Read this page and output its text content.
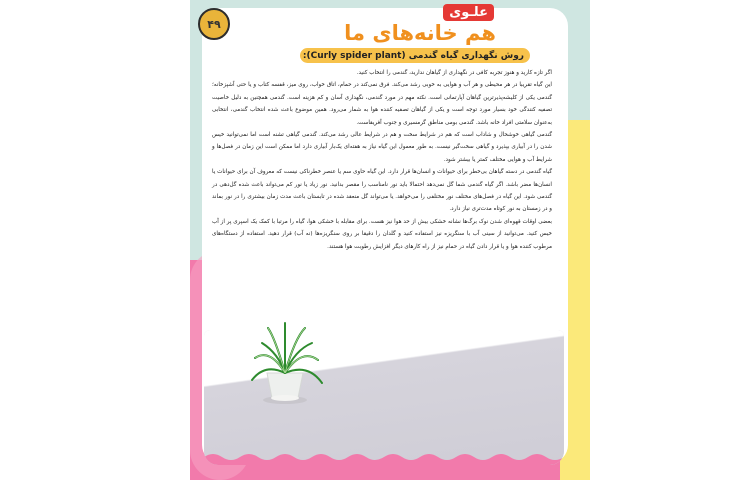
۴۹
علـوی
هم خانه‌های ما
روش نگهداری گیاه گندمی (Curly spider plant):

اگر تازه کارید و هنوز تجربه کافی در نگهداری از گیاهان ندارید، گندمی را انتخاب کنید.

این گیاه تقریبا در هر محیطی و هر آب و هوایی به خوبی رشد می‌کند. فرق نمی‌کند در حمام، اتاق خواب، روی میز، قفسه کتاب و یا حتی آشپزخانه؛ گندمی یکی از کلیشه‌پذیرترین گیاهان آپارتمانی است. نکته مهم در مورد گندمی، نگهداری آسان و کم هزینه است. گندمی همچنین به دلیل خاصیت تصفیه کنندگی خود بسیار مورد توجه است و یکی از گیاهان تصفیه کننده هوا به شمار می‌رود. همین موضوع باعث شده انتخاب گندمی، انتخابی به‌عنوان سلامتی افراد خانه باشد. گندمی بومی مناطق گرمسیری و جنوب آفریقاست.

گندمی گیاهی خوشحال و شاداب است که هم در شرایط سخت و هم در شرایط عالی رشد می‌کند. گندمی گیاهی تشنه است اما نمی‌توانید خیس شدن را در آبیاری بپذیرد و گیاهی سخت‌گیر نیست. به طور معمول این گیاه نیاز به هفته‌ای یک‌بار آبیاری دارد اما ممکن است این زمان در فصل‌ها و شرایط آب و هوایی مختلف کمتر یا بیشتر شود.

گیاه گندمی در دسته گیاهان بی‌خطر برای حیوانات و انسان‌ها قرار دارد. این گیاه حاوی سم یا عنصر خطرناکی نیست که معروف آن برای حیوانات یا انسان‌ها مضر باشد. اگر گیاه گندمی شما گل نمی‌دهد احتمالا باید نور نامناسب را مقصر بدانید. نور زیاد یا نور کم می‌تواند باعث شده گل‌دهی در گندمی شود. این گیاه در فصل‌های مختلف نور مختلفی را می‌خواهد. یا می‌تواند گل منعقد شده در تابستان باعث مدت زمان بیشتری را در نور بماند و در زمستان به نور کوتاه مدت‌تری نیاز دارد.

بعضی اوقات قهوه‌ای شدن نوک برگ‌ها نشانه خشکی بیش از حد هوا نیز هست. برای مقابله با خشکی هوا، گیاه را مرتبا با کمک یک اسپری پر از آب خیس کنید. می‌توانید از سینی آب با سنگریزه نیز استفاده کنید و گلدان را دقیقا بر روی سنگریزه‌ها (نه آب) قرار دهید. استفاده از دستگاه‌های مرطوب کننده هوا و یا قرار دادن گیاه در حمام نیز از راه کارهای دیگر افزایش رطوبت هوا هستند.
